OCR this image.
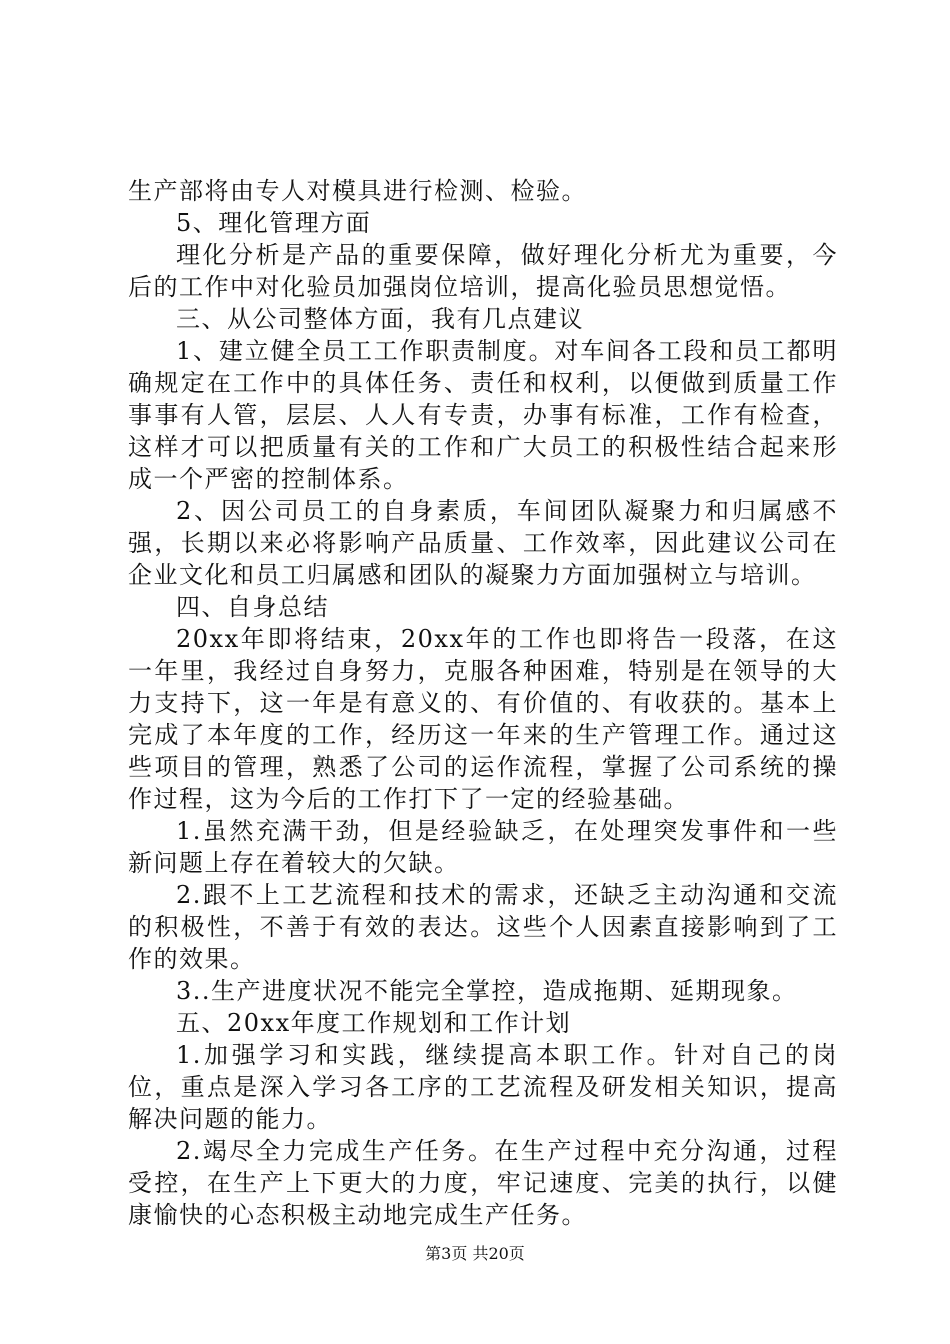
生产部将由专人对模具进行检测、检验。

5、理化管理方面

理化分析是产品的重要保障，做好理化分析尤为重要，今后的工作中对化验员加强岗位培训，提高化验员思想觉悟。

三、从公司整体方面，我有几点建议

1、建立健全员工工作职责制度。对车间各工段和员工都明确规定在工作中的具体任务、责任和权利，以便做到质量工作事事有人管，层层、人人有专责，办事有标准，工作有检查，这样才可以把质量有关的工作和广大员工的积极性结合起来形成一个严密的控制体系。

2、因公司员工的自身素质，车间团队凝聚力和归属感不强，长期以来必将影响产品质量、工作效率，因此建议公司在企业文化和员工归属感和团队的凝聚力方面加强树立与培训。

四、自身总结

20xx年即将结束，20xx年的工作也即将告一段落，在这一年里，我经过自身努力，克服各种困难，特别是在领导的大力支持下，这一年是有意义的、有价值的、有收获的。基本上完成了本年度的工作，经历这一年来的生产管理工作。通过这些项目的管理，熟悉了公司的运作流程，掌握了公司系统的操作过程，这为今后的工作打下了一定的经验基础。

1.虽然充满干劲，但是经验缺乏，在处理突发事件和一些新问题上存在着较大的欠缺。

2.跟不上工艺流程和技术的需求，还缺乏主动沟通和交流的积极性，不善于有效的表达。这些个人因素直接影响到了工作的效果。

3..生产进度状况不能完全掌控，造成拖期、延期现象。

五、20xx年度工作规划和工作计划

1.加强学习和实践，继续提高本职工作。针对自己的岗位，重点是深入学习各工序的工艺流程及研发相关知识，提高解决问题的能力。

2.竭尽全力完成生产任务。在生产过程中充分沟通，过程受控，在生产上下更大的力度，牢记速度、完美的执行，以健康愉快的心态积极主动地完成生产任务。

第3页 共20页
